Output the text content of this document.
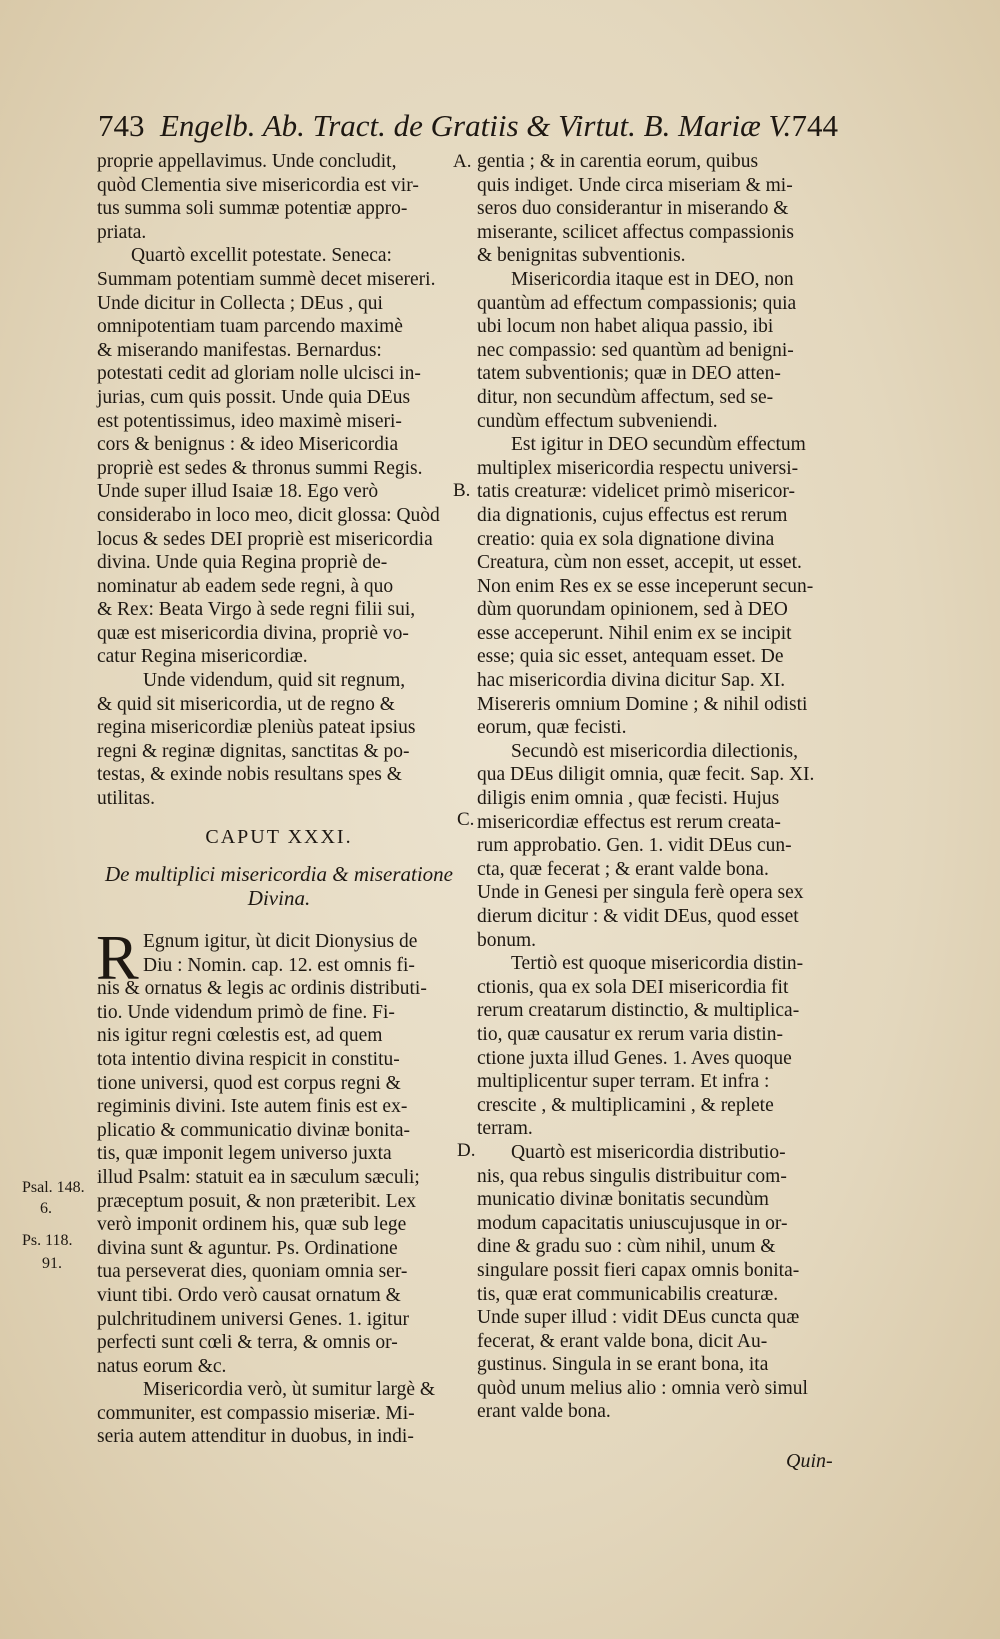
743 Engelb. Ab. Tract. de Gratiis & Virtut. B. Mariæ V. 744
proprie appellavimus. Unde concludit,
quòd Clementia sive misericordia est vir-
tus summa soli summæ potentiæ appro-
priata.
Quartò excellit potestate. Seneca:
Summam potentiam summè decet misereri.
Unde dicitur in Collecta ; DEus , qui
omnipotentiam tuam parcendo maximè
& miserando manifestas. Bernardus:
potestati cedit ad gloriam nolle ulcisci in-
jurias, cum quis possit. Unde quia DEus
est potentissimus, ideo maximè miseri-
cors & benignus : & ideo Misericordia
propriè est sedes & thronus summi Regis.
Unde super illud Isaiæ 18. Ego verò
considerabo in loco meo, dicit glossa: Quòd
locus & sedes DEI propriè est misericordia
divina. Unde quia Regina propriè de-
nominatur ab eadem sede regni, à quo
& Rex: Beata Virgo à sede regni filii sui,
quæ est misericordia divina, propriè vo-
catur Regina misericordiæ.
Unde videndum, quid sit regnum,
& quid sit misericordia, ut de regno &
regina misericordiæ pleniùs pateat ipsius
regni & reginæ dignitas, sanctitas & po-
testas, & exinde nobis resultans spes &
utilitas.
CAPUT XXXI.
De multiplici misericordia & miseratione
Divina.
R Egnum igitur, ùt dicit Dionysius de
Diu : Nomin. cap. 12. est omnis fi-
nis & ornatus & legis ac ordinis distributi-
tio. Unde videndum primò de fine. Fi-
nis igitur regni cœlestis est, ad quem
tota intentio divina respicit in constitu-
tione universi, quod est corpus regni &
regiminis divini. Iste autem finis est ex-
plicatio & communicatio divinæ bonita-
tis, quæ imponit legem universo juxta
illud Psalm: statuit ea in sæculum sæculi;
præceptum posuit, & non præteribit. Lex
verò imponit ordinem his, quæ sub lege
divina sunt & aguntur. Ps. Ordinatione
tua perseverat dies, quoniam omnia ser-
viunt tibi. Ordo verò causat ornatum &
pulchritudinem universi Genes. 1. igitur
perfecti sunt cœli & terra, & omnis or-
natus eorum &c.
Misericordia verò, ùt sumitur largè &
communiter, est compassio miseriæ. Mi-
seria autem attenditur in duobus, in indi-
gentia ; & in carentia eorum, quibus
quis indiget. Unde circa miseriam & mi-
seros duo considerantur in miserando &
miserante, scilicet affectus compassionis
& benignitas subventionis.
Misericordia itaque est in DEO, non
quantùm ad effectum compassionis; quia
ubi locum non habet aliqua passio, ibi
nec compassio: sed quantùm ad benigni-
tatem subventionis; quæ in DEO atten-
ditur, non secundùm affectum, sed se-
cundùm effectum subveniendi.
Est igitur in DEO secundùm effectum
multiplex misericordia respectu universi-
tatis creaturæ: videlicet primò misericor-
dia dignationis, cujus effectus est rerum
creatio: quia ex sola dignatione divina
Creatura, cùm non esset, accepit, ut esset.
Non enim Res ex se esse inceperunt secun-
dùm quorundam opinionem, sed à DEO
esse acceperunt. Nihil enim ex se incipit
esse; quia sic esset, antequam esset. De
hac misericordia divina dicitur Sap. XI.
Misereris omnium Domine ; & nihil odisti
eorum, quæ fecisti.
Secundò est misericordia dilectionis,
qua DEus diligit omnia, quæ fecit. Sap. XI.
diligis enim omnia , quæ fecisti. Hujus
misericordiæ effectus est rerum creata-
rum approbatio. Gen. 1. vidit DEus cun-
cta, quæ fecerat ; & erant valde bona.
Unde in Genesi per singula ferè opera sex
dierum dicitur : & vidit DEus, quod esset
bonum.
Tertiò est quoque misericordia distin-
ctionis, qua ex sola DEI misericordia fit
rerum creatarum distinctio, & multiplica-
tio, quæ causatur ex rerum varia distin-
ctione juxta illud Genes. 1. Aves quoque
multiplicentur super terram. Et infra :
crescite , & multiplicamini , & replete
terram.
Quartò est misericordia distributio-
nis, qua rebus singulis distribuitur com-
municatio divinæ bonitatis secundùm
modum capacitatis uniuscujusque in or-
dine & gradu suo : cùm nihil, unum &
singulare possit fieri capax omnis bonita-
tis, quæ erat communicabilis creaturæ.
Unde super illud : vidit DEus cuncta quæ
fecerat, & erant valde bona, dicit Au-
gustinus. Singula in se erant bona, ita
quòd unum melius alio : omnia verò simul
erant valde bona.
A.
B.
C.
D.
Psal. 148.
6.
Ps. 118.
91.
Quin-
